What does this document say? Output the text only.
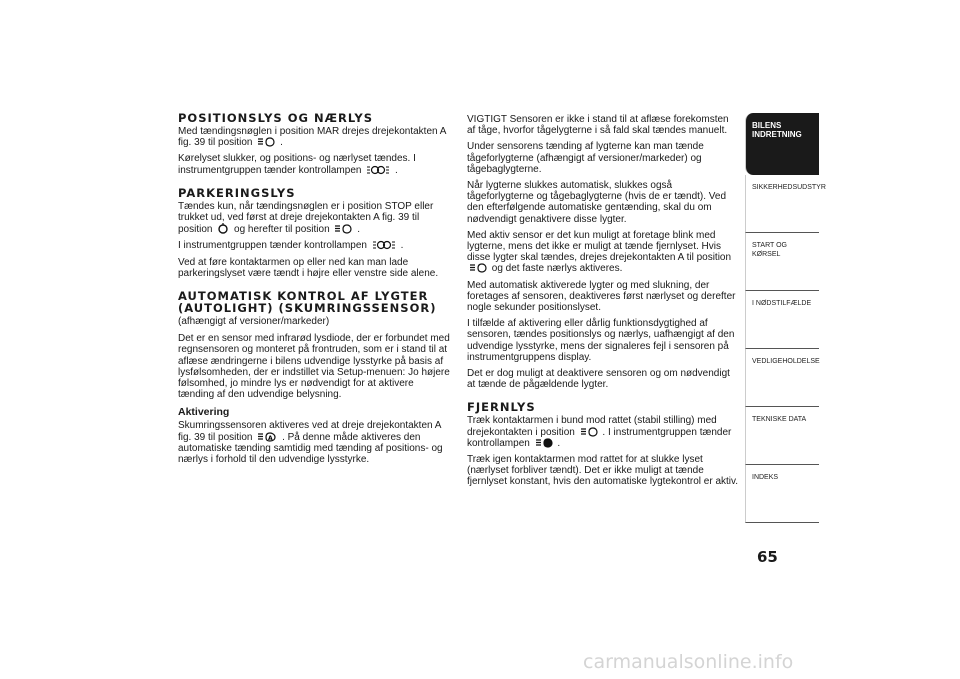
POSITIONSLYS OG NÆRLYS
Med tændingsnøglen i position MAR drejes drejekontakten A fig. 39 til position	.
Kørelyset slukker, og positions- og nærlyset tændes. I instrumentgruppen tænder kontrollampen	.
PARKERINGSLYS
Tændes kun, når tændingsnøglen er i position STOP eller trukket ud, ved først at dreje drejekontakten A fig. 39 til position og herefter til position	.
I instrumentgruppen tænder kontrollampen	.
Ved at føre kontaktarmen op eller ned kan man lade parkeringslyset være tændt i højre eller venstre side alene.
AUTOMATISK KONTROL AF LYGTER (AUTOLIGHT) (SKUMRINGSSENSOR)
(afhængigt af versioner/markeder)
Det er en sensor med infrarød lysdiode, der er forbundet med regnsensoren og monteret på frontruden, som er i stand til at aflæse ændringerne i bilens udvendige lysstyrke på basis af lysfølsomheden, der er indstillet via Setup-menuen: Jo højere følsomhed, jo mindre lys er nødvendigt for at aktivere tænding af den udvendige belysning.
Aktivering
Skumringssensoren aktiveres ved at dreje drejekontakten A fig. 39 til position	A . På denne måde aktiveres den automatiske tænding samtidig med tænding af positions- og nærlys i forhold til den udvendige lysstyrke.
VIGTIGT Sensoren er ikke i stand til at aflæse forekomsten af tåge, hvorfor tågelygterne i så fald skal tændes manuelt.
Under sensorens tænding af lygterne kan man tænde tågeforlygterne (afhængigt af versioner/markeder) og tågebaglygterne.
Når lygterne slukkes automatisk, slukkes også tågeforlygterne og tågebaglygterne (hvis de er tændt). Ved den efterfølgende automatiske gentænding, skal du om nødvendigt genaktivere disse lygter.
Med aktiv sensor er det kun muligt at foretage blink med lygterne, mens det ikke er muligt at tænde fjernlyset. Hvis disse lygter skal tændes, drejes drejekontakten A til position
og det faste nærlys aktiveres.
Med automatisk aktiverede lygter og med slukning, der foretages af sensoren, deaktiveres først nærlyset og derefter nogle sekunder positionslyset.
I tilfælde af aktivering eller dårlig funktionsdygtighed af sensoren, tændes positionslys og nærlys, uafhængigt af den udvendige lysstyrke, mens der signaleres fejl i sensoren på instrumentgruppens display.
Det er dog muligt at deaktivere sensoren og om nødvendigt at tænde de pågældende lygter.
FJERNLYS
Træk kontaktarmen i bund mod rattet (stabil stilling) med drejekontakten i position	. I instrumentgruppen tænder kontrollampen	.
Træk igen kontaktarmen mod rattet for at slukke lyset (nærlyset forbliver tændt). Det er ikke muligt at tænde fjernlyset konstant, hvis den automatiske lygtekontrol er aktiv.
BILENS INDRETNING
SIKKERHEDSUDSTYR
START OG KØRSEL
I NØDSTILFÆLDE
VEDLIGEHOLDELSE
TEKNISKE DATA
INDEKS
65
carmanualsonline.info
